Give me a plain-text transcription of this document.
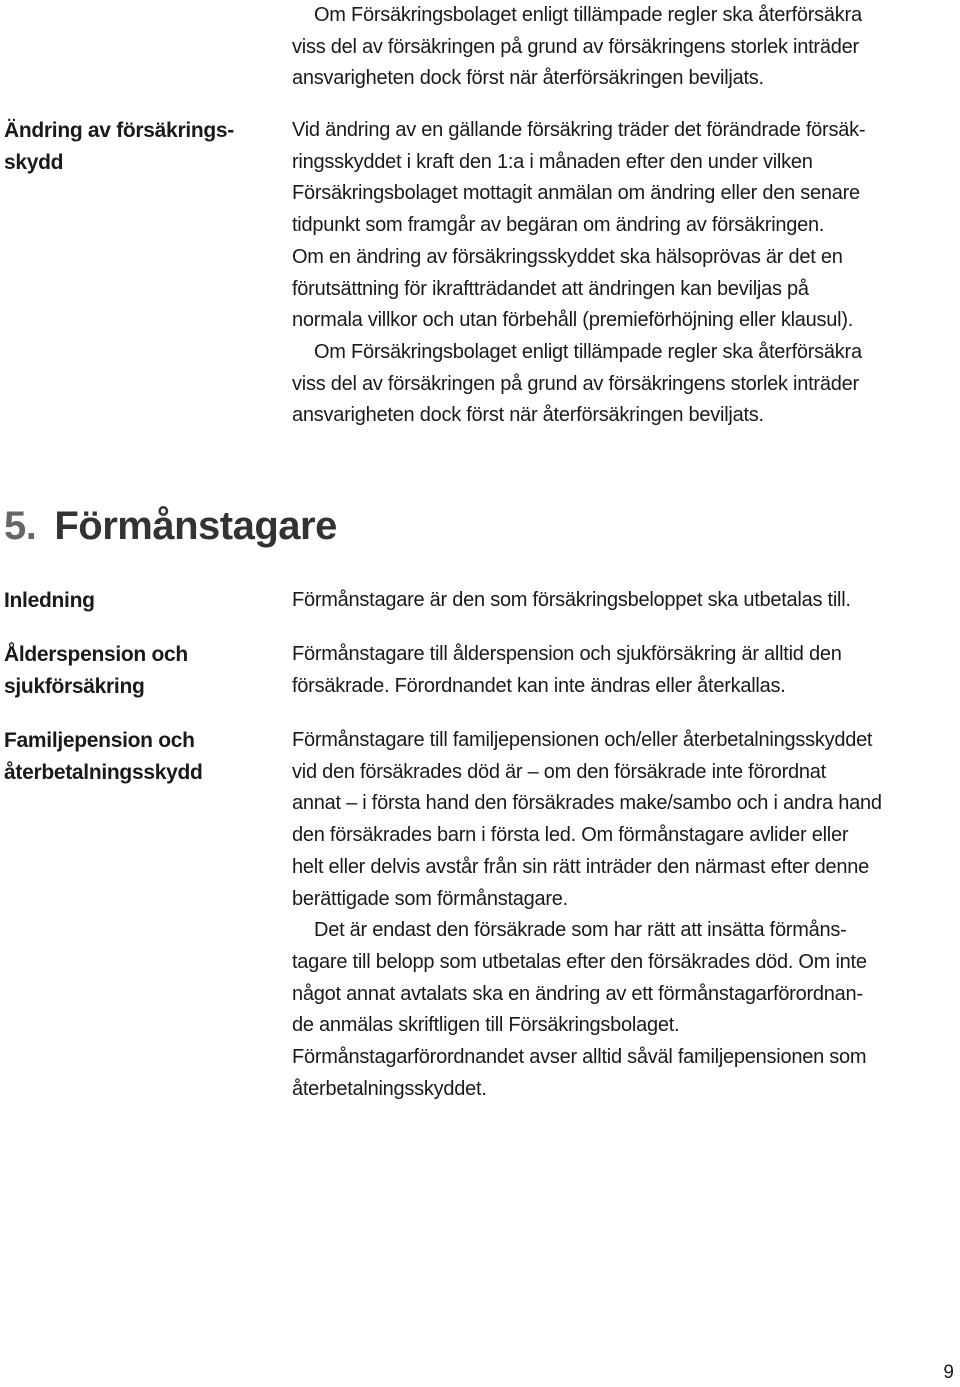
Om Försäkringsbolaget enligt tillämpade regler ska återförsäkra

viss del av försäkringen på grund av försäkringens storlek inträder

ansvarigheten dock först när återförsäkringen beviljats.

Ändring av försäkrings-
skydd

Vid ändring av en gällande försäkring träder det förändrade försäk-

ringsskyddet i kraft den 1:a i månaden efter den under vilken

Försäkringsbolaget mottagit anmälan om ändring eller den senare

tidpunkt som framgår av begäran om ändring av försäkringen.

Om en ändring av försäkringsskyddet ska hälsoprövas är det en

förutsättning för ikraftträdandet att ändringen kan beviljas på

normala villkor och utan förbehåll (premieförhöjning eller klausul).

Om Försäkringsbolaget enligt tillämpade regler ska återförsäkra

viss del av försäkringen på grund av försäkringens storlek inträder

ansvarigheten dock först när återförsäkringen beviljats.

5. Förmånstagare
Inledning	Förmånstagare är den som försäkringsbeloppet ska utbetalas till.

Ålderspension och
sjukförsäkring

Förmånstagare till ålderspension och sjukförsäkring är alltid den

försäkrade. Förordnandet kan inte ändras eller återkallas.

Familjepension och
återbetalningsskydd

Förmånstagare till familjepensionen och/eller återbetalningsskyddet

vid den försäkrades död är – om den försäkrade inte förordnat

annat – i första hand den försäkrades make/sambo och i andra hand

den försäkrades barn i första led. Om förmånstagare avlider eller

helt eller delvis avstår från sin rätt inträder den närmast efter denne

berättigade som förmånstagare.

Det är endast den försäkrade som har rätt att insätta förmåns-

tagare till belopp som utbetalas efter den försäkrades död. Om inte

något annat avtalats ska en ändring av ett förmånstagarförordnan-

de anmälas skriftligen till Försäkringsbolaget.

Förmånstagarförordnandet avser alltid såväl familjepensionen som

återbetalningsskyddet.

9
